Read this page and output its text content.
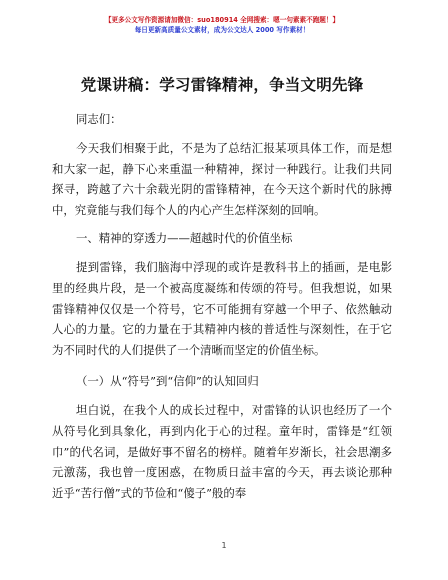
【更多公文写作资源请加微信：suo180914 全网搜索：嗯一句素素不跑题！】
每日更新高质量公文素材，成为公文达人 2000 写作素材！
党课讲稿：学习雷锋精神，争当文明先锋

同志们：

今天我们相聚于此，不是为了总结汇报某项具体工作，而是想和大家一起，静下心来重温一种精神，探讨一种践行。让我们共同探寻，跨越了六十余载光阴的雷锋精神，在今天这个新时代的脉搏中，究竟能与我们每个人的内心产生怎样深刻的回响。

一、精神的穿透力——超越时代的价值坐标

提到雷锋，我们脑海中浮现的或许是教科书上的插画，是电影里的经典片段，是一个被高度凝练和传颂的符号。但我想说，如果雷锋精神仅仅是一个符号，它不可能拥有穿越一个甲子、依然触动人心的力量。它的力量在于其精神内核的普适性与深刻性，在于它为不同时代的人们提供了一个清晰而坚定的价值坐标。

（一）从“符号”到“信仰”的认知回归

坦白说，在我个人的成长过程中，对雷锋的认识也经历了一个从符号化到具象化，再到内化于心的过程。童年时，雷锋是“红领巾”的代名词，是做好事不留名的榜样。随着年岁渐长，社会思潮多元激荡，我也曾一度困惑，在物质日益丰富的今天，再去谈论那种近乎“苦行僧”式的节俭和“傻子”般的奉

1
